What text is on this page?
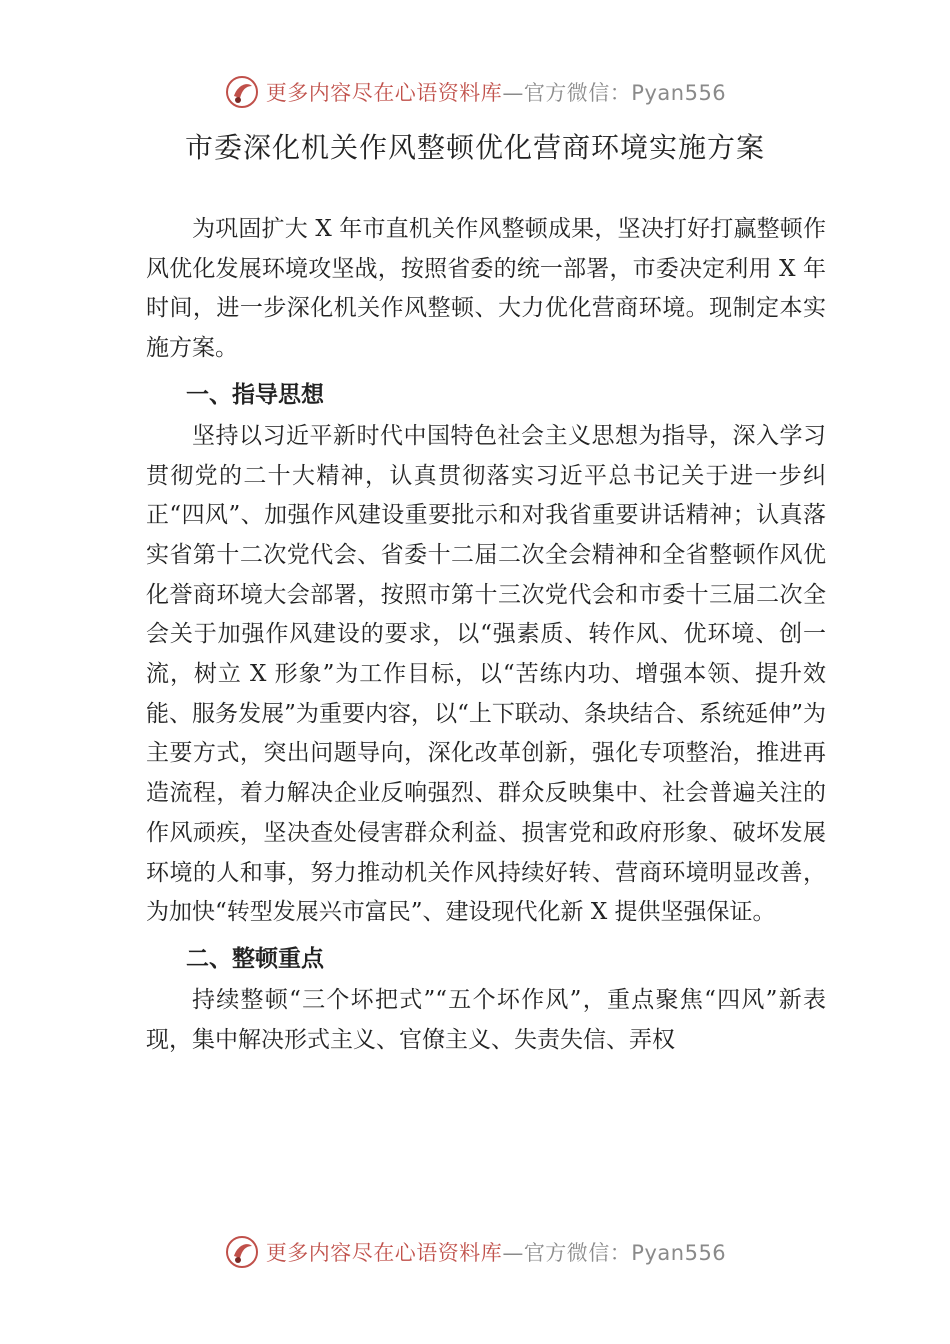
更多内容尽在心语资料库—官方微信：Pyan556
市委深化机关作风整顿优化营商环境实施方案

为巩固扩大 X 年市直机关作风整顿成果，坚决打好打赢整顿作风优化发展环境攻坚战，按照省委的统一部署，市委决定利用 X 年时间，进一步深化机关作风整顿、大力优化营商环境。现制定本实施方案。

一、指导思想

坚持以习近平新时代中国特色社会主义思想为指导，深入学习贯彻党的二十大精神，认真贯彻落实习近平总书记关于进一步纠正“四风”、加强作风建设重要批示和对我省重要讲话精神；认真落实省第十二次党代会、省委十二届二次全会精神和全省整顿作风优化誉商环境大会部署，按照市第十三次党代会和市委十三届二次全会关于加强作风建设的要求，以“强素质、转作风、优环境、创一流，树立 X 形象”为工作目标，以“苦练内功、增强本领、提升效能、服务发展”为重要内容，以“上下联动、条块结合、系统延伸”为主要方式，突出问题导向，深化改革创新，强化专项整治，推进再造流程，着力解决企业反响强烈、群众反映集中、社会普遍关注的作风顽疾，坚决查处侵害群众利益、损害党和政府形象、破坏发展环境的人和事，努力推动机关作风持续好转、营商环境明显改善，为加快“转型发展兴市富民”、建设现代化新 X 提供坚强保证。

二、整顿重点

持续整顿“三个坏把式”“五个坏作风”，重点聚焦“四风”新表现，集中解决形式主义、官僚主义、失责失信、弄权

更多内容尽在心语资料库—官方微信：Pyan556
